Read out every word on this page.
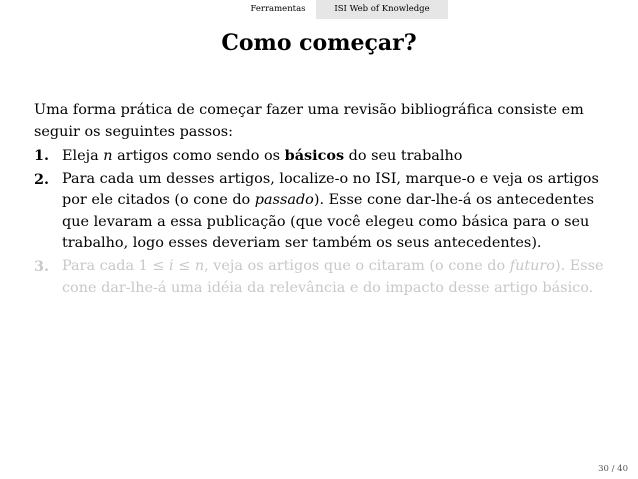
Ferramentas	ISI Web of Knowledge
Como começar?

Uma forma prática de começar fazer uma revisão bibliográfica consiste em seguir os seguintes passos:

1. Eleja n artigos como sendo os básicos do seu trabalho
2. Para cada um desses artigos, localize-o no ISI, marque-o e veja os artigos por ele citados (o cone do passado). Esse cone dar-lhe-á os antecedentes que levaram a essa publicação (que você elegeu como básica para o seu trabalho, logo esses deveriam ser também os seus antecedentes).
3. Para cada 1 ≤ i ≤ n, veja os artigos que o citaram (o cone do futuro). Esse cone dar-lhe-á uma idéia da relevância e do impacto desse artigo básico.
30 / 40
